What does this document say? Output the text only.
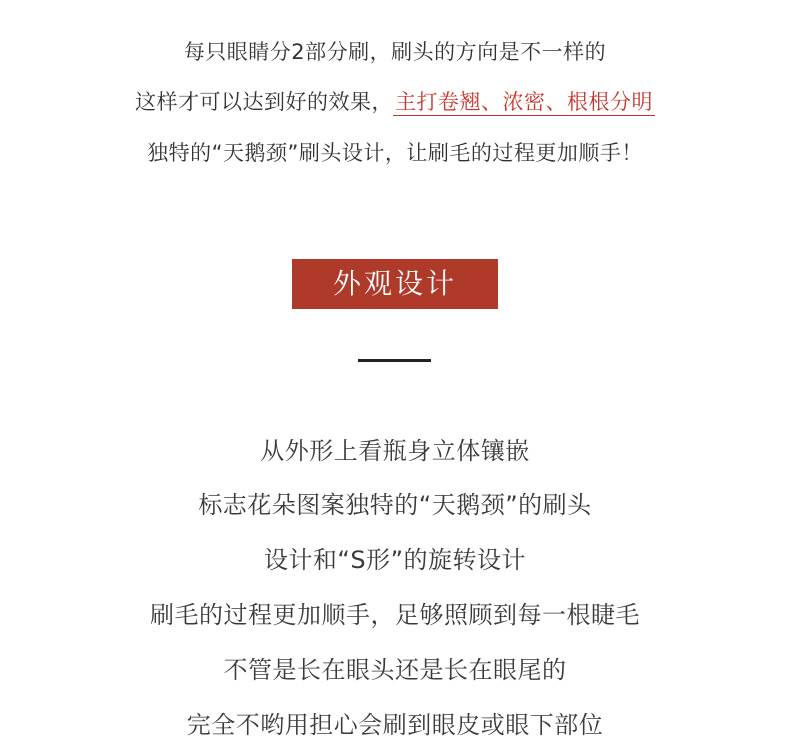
每只眼睛分2部分刷，刷头的方向是不一样的
这样才可以达到好的效果，主打卷翘、浓密、根根分明
独特的“天鹅颈”刷头设计，让刷毛的过程更加顺手！
外观设计
从外形上看瓶身立体镶嵌
标志花朵图案独特的“天鹅颈”的刷头
设计和“S形”的旋转设计
刷毛的过程更加顺手，足够照顾到每一根睫毛
不管是长在眼头还是长在眼尾的
完全不哟用担心会刷到眼皮或眼下部位
